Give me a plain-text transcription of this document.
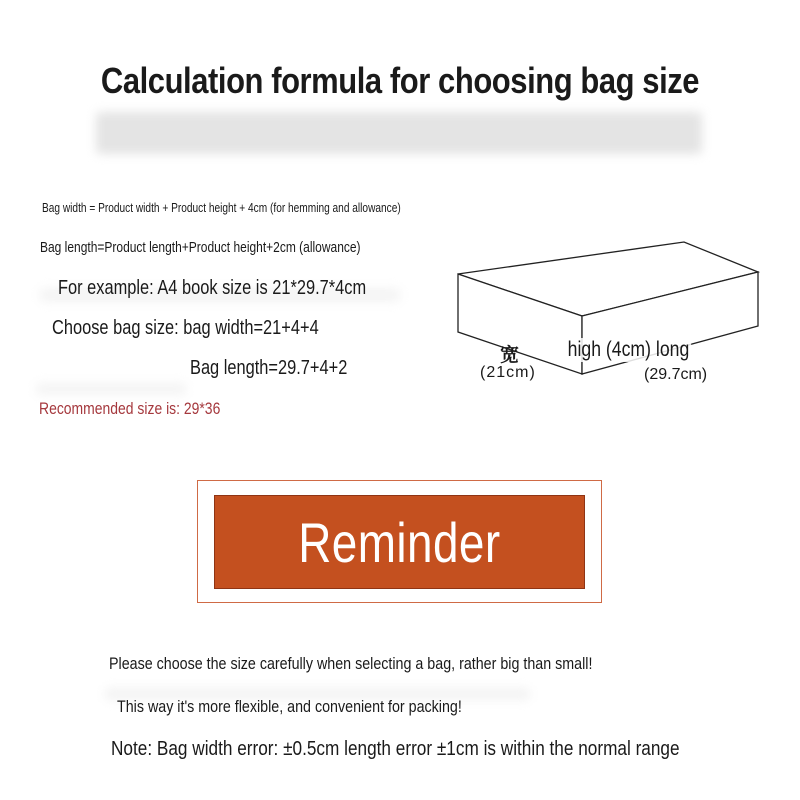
Calculation formula for choosing bag size
Bag width = Product width + Product height + 4cm (for hemming and allowance)
Bag length=Product length+Product height+2cm (allowance)
For example: A4 book size is 21*29.7*4cm
Choose bag size: bag width=21+4+4
Bag length=29.7+4+2
Recommended size is: 29*36
宽
(21cm)
high (4cm) long
(29.7cm)
Reminder
Please choose the size carefully when selecting a bag, rather big than small!
This way it's more flexible, and convenient for packing!
Note: Bag width error: ±0.5cm length error ±1cm is within the normal range
